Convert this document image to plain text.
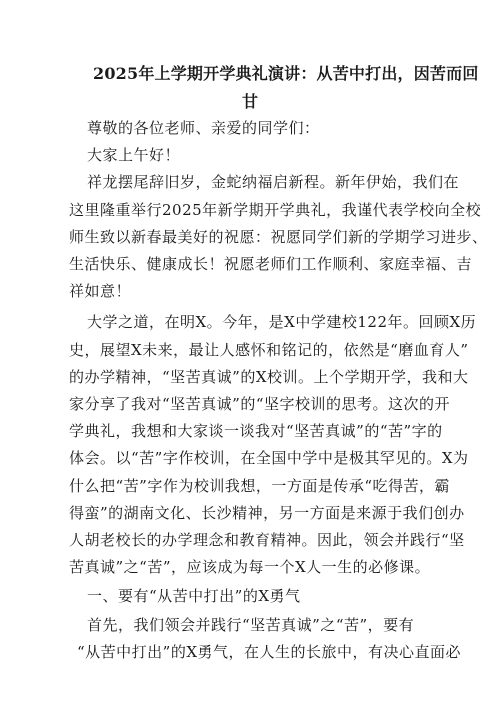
2025年上学期开学典礼演讲：从苦中打出，因苦而回
甘
尊敬的各位老师、亲爱的同学们：
大家上午好！
祥龙摆尾辞旧岁，金蛇纳福启新程。新年伊始，我们在
这里隆重举行2025年新学期开学典礼，我谨代表学校向全校
师生致以新春最美好的祝愿：祝愿同学们新的学期学习进步、
生活快乐、健康成长！祝愿老师们工作顺利、家庭幸福、吉
祥如意！
大学之道，在明X。今年，是X中学建校122年。回顾X历
史，展望X未来，最让人感怀和铭记的，依然是“磨血育人”
的办学精神，“坚苦真诚”的X校训。上个学期开学，我和大
家分享了我对“坚苦真诚”的“坚字校训的思考。这次的开
学典礼，我想和大家谈一谈我对“坚苦真诚”的“苦”字的
体会。以“苦”字作校训，在全国中学中是极其罕见的。X为
什么把“苦”字作为校训我想，一方面是传承“吃得苦，霸
得蛮”的湖南文化、长沙精神，另一方面是来源于我们创办
人胡老校长的办学理念和教育精神。因此，领会并践行“坚
苦真诚”之“苦”，应该成为每一个X人一生的必修课。
一、要有“从苦中打出”的X勇气
首先，我们领会并践行“坚苦真诚”之“苦”，要有
“从苦中打出”的X勇气，在人生的长旅中，有决心直面必
